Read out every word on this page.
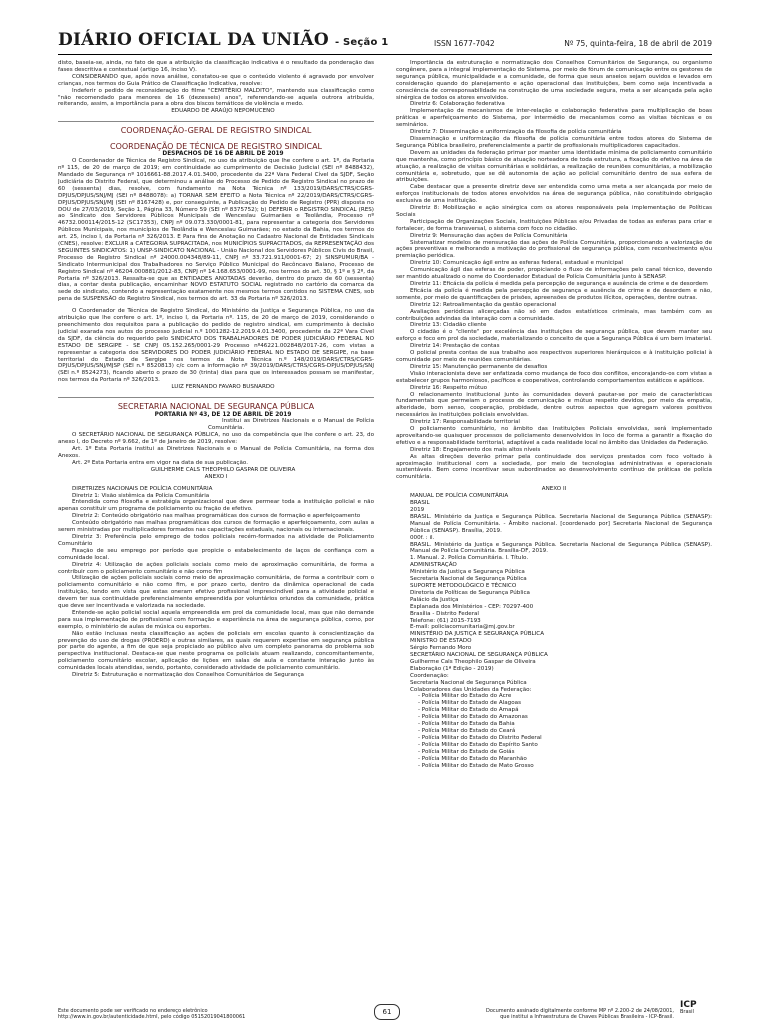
DIÁRIO OFICIAL DA UNIÃO - Seção 1	ISSN 1677-7042	Nº 75, quinta-feira, 18 de abril de 2019

disto, baseia-se, ainda, no fato de que a atribuição da classificação indicativa é o resultado da ponderação das fases descritiva e contextual (artigo 16, inciso V).

CONSIDERANDO que, após nova análise, constatou-se que o conteúdo violento é agravado por envolver crianças, nos termos do Guia Prático de Classificação Indicativa, resolve:

Indeferir o pedido de reconsideração do filme "CEMITÉRIO MALDITO", mantendo sua classificação como "não recomendado para menores de 16 (dezesseis) anos", referendando-se aquela outrora atribuída, reiterando, assim, a importância para a obra dos biscos temáticos de violência e medo.

EDUARDO DE ARAÚJO NEPOMUCENO

COORDENAÇÃO-GERAL DE REGISTRO SINDICAL
COORDENAÇÃO DE TÉCNICA DE REGISTRO SINDICAL

DESPACHOS DE 16 DE ABRIL DE 2019

O Coordenador de Técnica de Registro Sindical, no uso da atribuição que lhe confere o art. 1º, da Portaria nº 115, de 20 de março de 2019; em continuidade ao cumprimento de Decisão Judicial (SEI nº 8488432), Mandado de Segurança nº 1016661-88.2017.4.01.3400, procedente da 22ª Vara Federal Cível da SJDF, Seção Judiciária do Distrito Federal, que determinou a análise do Processo de Pedido de Registro Sindical no prazo de 60 (sessenta) dias, resolve, com fundamento na Nota Técnica nº 133/2019/DARS/CTRS/CGRS-DPJUS/DPJUS/SNJ/MJ (SEI nº 8488078): a) TORNAR SEM EFEITO a Nota Técnica nº 22/2019/DARS/CTRS/CGRS-DPJUS/DPJUS/SNJ/MJ (SEI nº 8167428) e, por conseguinte, a Publicação do Pedido de Registro (PPR) disposta no DOU de 27/03/2019, Seção 1, Página 33, Número 59 (SEI nº 8375752); b) DEFERIR o REGISTRO SINDICAL (RES) ao Sindicato dos Servidores Públicos Municipais de Wenceslau Guimarães e Teolândia, Processo nº 46732.000114/2015-12 (SC17353), CNPJ nº 09.073.330/0001-81, para representar a categoria dos Servidores Públicos Municipais, nos municípios de Teolândia e Wenceslau Guimarães; no estado da Bahia, nos termos do art. 25, inciso I, da Portaria nº 326/2013. E Para fins de Anotação no Cadastro Nacional de Entidades Sindicais (CNES), resolve: EXCLUIR a CATEGORIA SUPRACITADA, nos MUNICÍPIOS SUPRACITADOS, da REPRESENTAÇÃO dos SEGUINTES SINDICATOS: 1) UNSP-SINDICATO NACIONAL - União Nacional dos Servidores Públicos Civis do Brasil, Processo de Registro Sindical nº 24000.004348/89-11, CNPJ nº 33.721.911/0001-67; 2) SINSPUMUR/BA - Sindicato Intermunicipal dos Trabalhadores no Serviço Público Municipal do Recôncavo Baiano, Processo de Registro Sindical nº 46204.000881/2012-83, CNPJ nº 14.168.653/0001-99, nos termos do art. 30, § 1º e § 2º, da Portaria nº 326/2013. Ressalta-se que as ENTIDADES ANOTADAS deverão, dentro do prazo de 60 (sessenta) dias, a contar desta publicação, encaminhar NOVO ESTATUTO SOCIAL registrado no cartório da comarca da sede do sindicato, contendo a representação exatamente nos mesmos termos contidos no SISTEMA CNES, sob pena de SUSPENSÃO do Registro Sindical, nos termos do art. 33 da Portaria nº 326/2013.

O Coordenador de Técnica de Registro Sindical, do Ministério da Justiça e Segurança Pública, no uso da atribuição que lhe confere o art. 1º, inciso I, da Portaria nº. 115, de 20 de março de 2019, considerando o preenchimento dos requisitos para a publicação do pedido de registro sindical, em cumprimento à decisão judicial exarada nos autos do processo judicial n.º 1001282-12.2019.4.01.3400, procedente da 22ª Vara Civel da SJDF, da ciência do requerido pelo SINDICATO DOS TRABALHADORES DE PODER JUDICIÁRIO FEDERAL NO ESTADO DE SERGIPE - SE CNPJ 05.152.265/0001-29 Processo nº46221.002848/2017-26, com vistas a representar a categoria dos SERVIDORES DO PODER JUDICIÁRIO FEDERAL NO ESTADO DE SERGIPE, na base territorial do Estado de Sergipe nos termos da Nota Técnica n.º 148/2019/DARS/CTRS/CGRS-DPJUS/DPJUS/SNJ/MJSP (SEI n.º 8520813) c/c com a informação nº 39/2019/DARS/CTRS/CGRS-DPJUS/DPJUS/SNJ (SEI n.º 8524273), ficando aberto o prazo de 30 (trinta) dias para que os interessados possam se manifestar, nos termos da Portaria nº 326/2013.

LUIZ FERNANDO FAVARO BUSNARDO

SECRETARIA NACIONAL DE SEGURANÇA PÚBLICA

PORTARIA Nº 43, DE 12 DE ABRIL DE 2019

Institui as Diretrizes Nacionais e o Manual de Polícia Comunitária.

O SECRETÁRIO NACIONAL DE SEGURANÇA PÚBLICA, no uso da competência que lhe confere o art. 23, do anexo I, do Decreto nº 9.662, de 1º de Janeiro de 2019, resolve:

Art. 1º Esta Portaria institui as Diretrizes Nacionais e o Manual de Polícia Comunitária, na forma dos Anexos.

Art. 2º Esta Portaria entra em vigor na data de sua publicação.

GUILHERME CALS THEOPHILO GASPAR DE OLIVEIRA

ANEXO I

DIRETRIZES NACIONAIS DE POLÍCIA COMUNITÁRIA

Diretriz 1: Visão sistêmica da Polícia Comunitária

Entendida como filosofia e estratégia organizacional que deve permear toda a instituição policial e não apenas constituir um programa de policiamento ou fração de efetivo.

Diretriz 2: Conteúdo obrigatório nas malhas programáticas dos cursos de formação e aperfeiçoamento

Conteúdo obrigatório nas malhas programáticas dos cursos de formação e aperfeiçoamento, com aulas a serem ministradas por multiplicadores formados nas capacitações estaduais, nacionais ou internacionais.

Diretriz 3: Preferência pelo emprego de todos policiais recém-formados na atividade de Policiamento Comunitário

Fixação de seu emprego por período que propicie o estabelecimento de laços de confiança com a comunidade local.

Diretriz 4: Utilização de ações policiais sociais como meio de aproximação comunitária, de forma a contribuir com o policiamento comunitário e não como fim

Utilização de ações policiais sociais como meio de aproximação comunitária, de forma a contribuir com o policiamento comunitário e não como fim, e por prazo certo, dentro da dinâmica operacional de cada instituição, tendo em vista que estas oneram efetivo profissional imprescindível para a atividade policial e devem ter sua continuidade preferencialmente empreendida por voluntários oriundos da comunidade, prática que deve ser incentivada e valorizada na sociedade.

Entende-se ação policial social aquela empreendida em prol da comunidade local, mas que não demande para sua implementação de profissional com formação e experiência na área de segurança pública, como, por exemplo, o ministério de aulas de música ou esportes.

Não estão inclusas nesta classificação as ações de policiais em escolas quanto à conscientização da prevenção do uso de drogas (PROERD) e outras similares, as quais requerem expertise em segurança pública por parte do agente, a fim de que seja propiciado ao público alvo um completo panorama do problema sob perspectiva institucional. Destaca-se que neste programa os policiais atuam realizando, concomitantemente, policiamento comunitário escolar, aplicação de lições em salas de aula e constante interação junto às comunidades locais atendidas, sendo, portanto, considerado atividade de policiamento comunitário.

Diretriz 5: Estruturação e normatização dos Conselhos Comunitários de Segurança

Importância da estruturação e normatização dos Conselhos Comunitários de Segurança, ou organismo congênere, para a integral implementação do Sistema, por meio de fórum de comunicação entre os gestores de segurança pública, municipalidade e a comunidade, de forma que seus anseios sejam ouvidos e levados em consideração quando do planejamento e ação operacional das instituições, bem como seja incentivada a consciência de corresponsabilidade na construção de uma sociedade segura, meta a ser alcançada pela ação sinérgica de todos os atores envolvidos.

Diretriz 6: Colaboração federativa

Implementação de mecanismos de inter-relação e colaboração federativa para multiplicação de boas práticas e aperfeiçoamento do Sistema, por intermédio de mecanismos como as visitas técnicas e os seminários.

Diretriz 7: Disseminação e uniformização da filosofia de polícia comunitária

Disseminação e uniformização da filosofia de polícia comunitária entre todos atores do Sistema de Segurança Pública brasileiro, preferencialmente a partir de profissionais multiplicadores capacitados.

Devem as unidades da federação primar por manter uma identidade mínima de policiamento comunitário que mantenha, como princípio básico de atuação norteadora de toda estrutura, a fixação do efetivo na área de atuação, a realização de visitas comunitárias e solidárias, a realização de reuniões comunitárias, a mobilização comunitária e, sobretudo, que se dê autonomia de ação ao policial comunitário dentro de sua esfera de atribuições.

Cabe destacar que a presente diretriz deve ser entendida como uma meta a ser alcançada por meio de esforços institucionais de todos atores envolvidos na área de segurança pública, não constituindo obrigação exclusiva de uma instituição.

Diretriz 8: Mobilização e ação sinérgica com os atores responsáveis pela implementação de Políticas Sociais

Participação de Organizações Sociais, Instituições Públicas e/ou Privadas de todas as esferas para criar e fortalecer, de forma transversal, o sistema com foco no cidadão.

Diretriz 9: Mensuração das ações de Polícia Comunitária

Sistematizar modelos de mensuração das ações de Polícia Comunitária, proporcionando a valorização de ações preventivas e melhorando a motivação do profissional de segurança pública, com reconhecimento e/ou premiação periódica.

Diretriz 10: Comunicação ágil entre as esferas federal, estadual e municipal

Comunicação ágil das esferas de poder, propiciando o fluxo de informações pelo canal técnico, devendo ser mantido atualizado o nome do Coordenador Estadual de Polícia Comunitária junto à SENASP.

Diretriz 11: Eficácia da polícia é medida pela percepção de segurança e ausência de crime e de desordem

Eficácia da polícia é medida pela percepção de segurança e ausência de crime e de desordem e não, somente, por meio de quantificações de prisões, apreensões de produtos ilícitos, operações, dentre outras.

Diretriz 12: Retroalimentação da gestão operacional

Avaliações periódicas alicerçadas não só em dados estatísticos criminais, mas também com as contribuições advindas da interação com a comunidade.

Diretriz 13: Cidadão cliente

O cidadão é o "cliente" por excelência das instituições de segurança pública, que devem manter seu esforço e foco em prol da sociedade, materializando o conceito de que a Segurança Pública é um bem imaterial.

Diretriz 14: Prestação de contas

O policial presta contas de sua trabalho aos respectivos superiores hierárquicos e à instituição policial à comunidade por meio de reuniões comunitárias.

Diretriz 15: Manutenção permanente de desafios

Visão interacionista deve ser enfatizada como mudança de foco dos conflitos, encorajando-os com vistas a estabelecer grupos harmoniosos, pacíficos e cooperativos, controlando comportamentos estáticos e apáticos.

Diretriz 16: Respeito mútuo

O relacionamento institucional junto às comunidades deverá pautar-se por meio de características fundamentais que permeiam o processo de comunicação e mútuo respeito devidos, por meio da empatia, alteridade, bom senso, cooperação, probidade, dentre outros aspectos que agregam valores positivos necessários às instituições policiais envolvidas.

Diretriz 17: Responsabilidade territorial

O policiamento comunitário, no âmbito das Instituições Policiais envolvidas, será implementado aproveitando-se quaisquer processos de policiamento desenvolvidos in loco de forma a garantir a fixação do efetivo e a responsabilidade territorial, adaptável a cada realidade local no âmbito das Unidades da Federação.

Diretriz 18: Engajamento dos mais altos níveis

As altas direções deverão primar pela continuidade dos serviços prestados com foco voltado à aproximação institucional com a sociedade, por meio de tecnologias administrativas e operacionais sustentáveis. Bem como incentivar seus subordinados ao desenvolvimento contínuo de práticas de polícia comunitária.

ANEXO II

MANUAL DE POLÍCIA COMUNITÁRIA

BRASIL

2019

BRASIL. Ministério da Justiça e Segurança Pública. Secretaria Nacional de Segurança Pública (SENASP): Manual de Polícia Comunitária. - Âmbito nacional. [coordenado por] Secretaria Nacional de Segurança Pública (SENASP). Brasília, 2019.

000f. : il.

BRASIL. Ministério da Justiça e Segurança Pública. Secretaria Nacional de Segurança Pública (SENASP). Manual de Polícia Comunitária. Brasília-DF, 2019.

1. Manual. 2. Polícia Comunitária. I. Título.

ADMINISTRAÇÃO

Ministério da Justiça e Segurança Pública

Secretaria Nacional de Segurança Pública

SUPORTE METODOLÓGICO E TÉCNICO

Diretoria de Políticas de Segurança Pública

Palácio da Justiça

Esplanada dos Ministérios - CEP: 70297-400

Brasília - Distrito Federal

Telefone: (61) 2015-7193

E-mail: policiacomunitaria@mj.gov.br

MINISTÉRIO DA JUSTIÇA E SEGURANÇA PÚBLICA

MINISTRO DE ESTADO

Sérgio Fernando Moro

SECRETÁRIO NACIONAL DE SEGURANÇA PÚBLICA

Guilherme Cals Theophilo Gaspar de Oliveira

Elaboração (1ª Edição - 2019)

Coordenação:

Secretaria Nacional de Segurança Pública

Colaboradores das Unidades da Federação:

- Polícia Militar do Estado do Acre

- Polícia Militar do Estado de Alagoas

- Polícia Militar do Estado do Amapá

- Polícia Militar do Estado do Amazonas

- Polícia Militar do Estado da Bahia

- Polícia Militar do Estado do Ceará

- Polícia Militar do Estado do Distrito Federal

- Polícia Militar do Estado do Espírito Santo

- Polícia Militar do Estado de Goiás

- Polícia Militar do Estado do Maranhão

- Polícia Militar do Estado de Mato Grosso

Este documento pode ser verificado no endereço eletrônico
http://www.in.gov.br/autenticidade.html, pelo código 05152019041800061
61	Documento assinado digitalmente conforme MP nº 2.200-2 de 24/08/2001,
que institui a Infraestrutura de Chaves Públicas Brasileira - ICP-Brasil.
ICP
Brasil
